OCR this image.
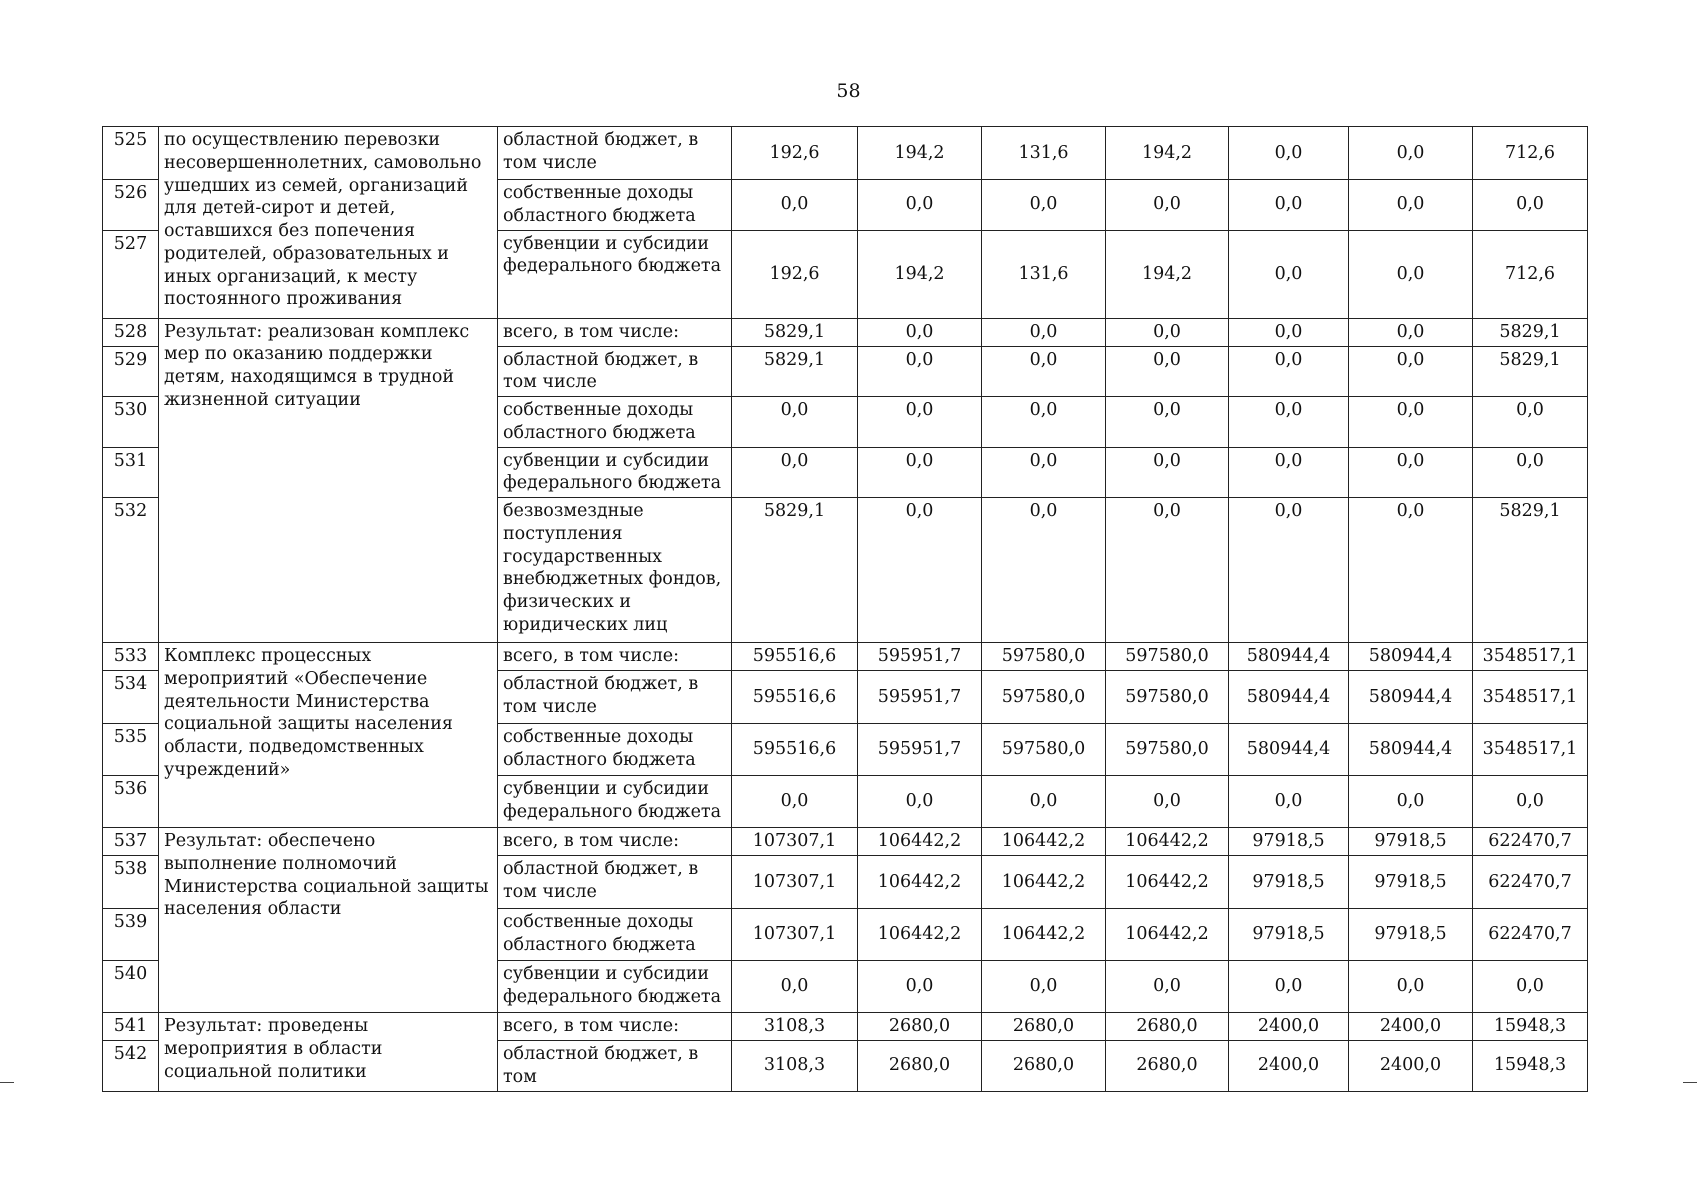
58
525	по осуществлению перевозки несовершеннолетних, самовольно ушедших из семей, организаций для детей-сирот и детей, оставшихся без попечения родителей, образовательных и иных организаций, к месту постоянного проживания	областной бюджет, в том числе	192,6	194,2	131,6	194,2	0,0	0,0	712,6
526		собственные доходы областного бюджета	0,0	0,0	0,0	0,0	0,0	0,0	0,0
527		субвенции и субсидии федерального бюджета	192,6	194,2	131,6	194,2	0,0	0,0	712,6
528	Результат: реализован комплекс мер по оказанию поддержки детям, находящимся в трудной жизненной ситуации	всего, в том числе:	5829,1	0,0	0,0	0,0	0,0	0,0	5829,1
529		областной бюджет, в том числе	5829,1	0,0	0,0	0,0	0,0	0,0	5829,1
530		собственные доходы областного бюджета	0,0	0,0	0,0	0,0	0,0	0,0	0,0
531		субвенции и субсидии федерального бюджета	0,0	0,0	0,0	0,0	0,0	0,0	0,0
532		безвозмездные поступления государственных внебюджетных фондов, физических и юридических лиц	5829,1	0,0	0,0	0,0	0,0	0,0	5829,1
533	Комплекс процессных мероприятий «Обеспечение деятельности Министерства социальной защиты населения области, подведомственных учреждений»	всего, в том числе:	595516,6	595951,7	597580,0	597580,0	580944,4	580944,4	3548517,1
534		областной бюджет, в том числе	595516,6	595951,7	597580,0	597580,0	580944,4	580944,4	3548517,1
535		собственные доходы областного бюджета	595516,6	595951,7	597580,0	597580,0	580944,4	580944,4	3548517,1
536		субвенции и субсидии федерального бюджета	0,0	0,0	0,0	0,0	0,0	0,0	0,0
537	Результат: обеспечено выполнение полномочий Министерства социальной защиты населения области	всего, в том числе:	107307,1	106442,2	106442,2	106442,2	97918,5	97918,5	622470,7
538		областной бюджет, в том числе	107307,1	106442,2	106442,2	106442,2	97918,5	97918,5	622470,7
539		собственные доходы областного бюджета	107307,1	106442,2	106442,2	106442,2	97918,5	97918,5	622470,7
540		субвенции и субсидии федерального бюджета	0,0	0,0	0,0	0,0	0,0	0,0	0,0
541	Результат: проведены мероприятия в области социальной политики	всего, в том числе:	3108,3	2680,0	2680,0	2680,0	2400,0	2400,0	15948,3
542		областной бюджет, в том	3108,3	2680,0	2680,0	2680,0	2400,0	2400,0	15948,3
